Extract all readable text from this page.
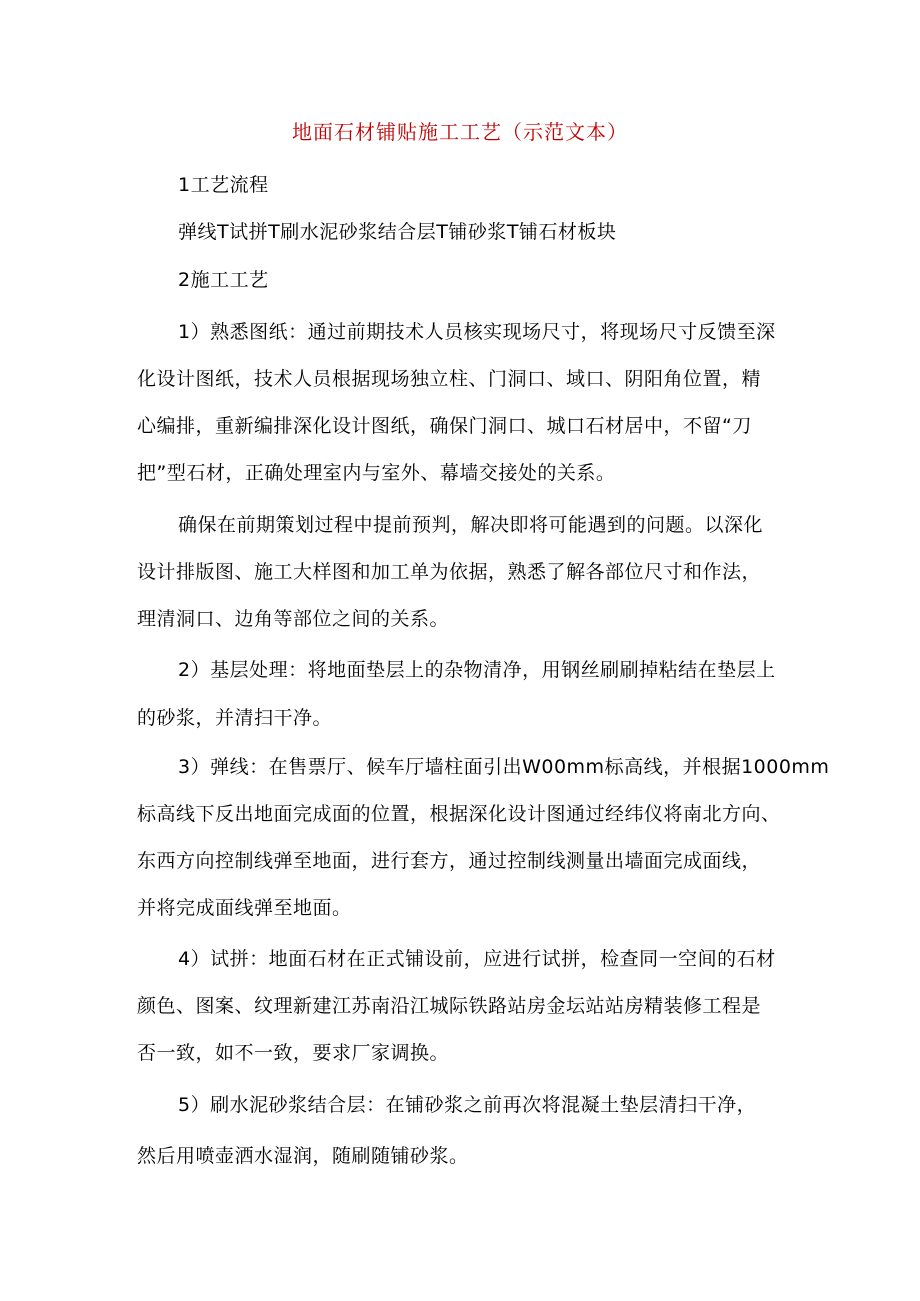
地面石材铺贴施工工艺（示范文本）
1工艺流程
弹线T试拼T刷水泥砂浆结合层T铺砂浆T铺石材板块
2施工工艺
1）熟悉图纸：通过前期技术人员核实现场尺寸，将现场尺寸反馈至深
化设计图纸，技术人员根据现场独立柱、门洞口、域口、阴阳角位置，精
心编排，重新编排深化设计图纸，确保门洞口、城口石材居中，不留“刀
把”型石材，正确处理室内与室外、幕墙交接处的关系。
确保在前期策划过程中提前预判，解决即将可能遇到的问题。以深化
设计排版图、施工大样图和加工单为依据，熟悉了解各部位尺寸和作法，
理清洞口、边角等部位之间的关系。
2）基层处理：将地面垫层上的杂物清净，用钢丝刷刷掉粘结在垫层上
的砂浆，并清扫干净。
3）弹线：在售票厅、候车厅墙柱面引出W00mm标高线，并根据1000mm
标高线下反出地面完成面的位置，根据深化设计图通过经纬仪将南北方向、
东西方向控制线弹至地面，进行套方，通过控制线测量出墙面完成面线，
并将完成面线弹至地面。
4）试拼：地面石材在正式铺设前，应进行试拼，检查同一空间的石材
颜色、图案、纹理新建江苏南沿江城际铁路站房金坛站站房精装修工程是
否一致，如不一致，要求厂家调换。
5）刷水泥砂浆结合层：在铺砂浆之前再次将混凝土垫层清扫干净，
然后用喷壶洒水湿润，随刷随铺砂浆。
